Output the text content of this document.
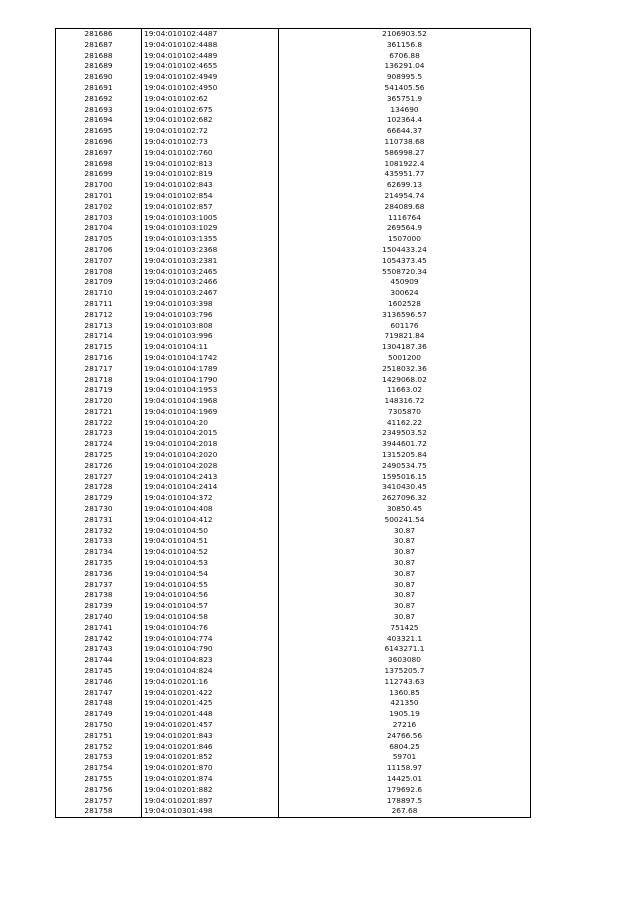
281686	19:04:010102:4487	2106903.52
281687	19:04:010102:4488	361156.8
281688	19:04:010102:4489	6706.88
281689	19:04:010102:4655	136291.04
281690	19:04:010102:4949	908995.5
281691	19:04:010102:4950	541405.56
281692	19:04:010102:62	365751.9
281693	19:04:010102:675	134690
281694	19:04:010102:682	102364.4
281695	19:04:010102:72	66644.37
281696	19:04:010102:73	110738.68
281697	19:04:010102:760	586998.27
281698	19:04:010102:813	1081922.4
281699	19:04:010102:819	435951.77
281700	19:04:010102:843	62699.13
281701	19:04:010102:854	214954.74
281702	19:04:010102:857	284089.68
281703	19:04:010103:1005	1116764
281704	19:04:010103:1029	269564.9
281705	19:04:010103:1355	1507000
281706	19:04:010103:2368	1504433.24
281707	19:04:010103:2381	1054373.45
281708	19:04:010103:2465	5508720.34
281709	19:04:010103:2466	450909
281710	19:04:010103:2467	300624
281711	19:04:010103:398	1602528
281712	19:04:010103:796	3136596.57
281713	19:04:010103:808	601176
281714	19:04:010103:996	719821.84
281715	19:04:010104:11	1304187.36
281716	19:04:010104:1742	5001200
281717	19:04:010104:1789	2518032.36
281718	19:04:010104:1790	1429068.02
281719	19:04:010104:1953	11663.02
281720	19:04:010104:1968	148316.72
281721	19:04:010104:1969	7305870
281722	19:04:010104:20	41162.22
281723	19:04:010104:2015	2349503.52
281724	19:04:010104:2018	3944601.72
281725	19:04:010104:2020	1315205.84
281726	19:04:010104:2028	2490534.75
281727	19:04:010104:2413	1595016.15
281728	19:04:010104:2414	3410430.45
281729	19:04:010104:372	2627096.32
281730	19:04:010104:408	30850.45
281731	19:04:010104:412	500241.54
281732	19:04:010104:50	30.87
281733	19:04:010104:51	30.87
281734	19:04:010104:52	30.87
281735	19:04:010104:53	30.87
281736	19:04:010104:54	30.87
281737	19:04:010104:55	30.87
281738	19:04:010104:56	30.87
281739	19:04:010104:57	30.87
281740	19:04:010104:58	30.87
281741	19:04:010104:76	751425
281742	19:04:010104:774	403321.1
281743	19:04:010104:790	6143271.1
281744	19:04:010104:823	3603080
281745	19:04:010104:824	1375205.7
281746	19:04:010201:16	112743.63
281747	19:04:010201:422	1360.85
281748	19:04:010201:425	421350
281749	19:04:010201:448	1905.19
281750	19:04:010201:457	27216
281751	19:04:010201:843	24766.56
281752	19:04:010201:846	6804.25
281753	19:04:010201:852	59701
281754	19:04:010201:870	11158.97
281755	19:04:010201:874	14425.01
281756	19:04:010201:882	179692.6
281757	19:04:010201:897	178897.5
281758	19:04:010301:498	267.68
